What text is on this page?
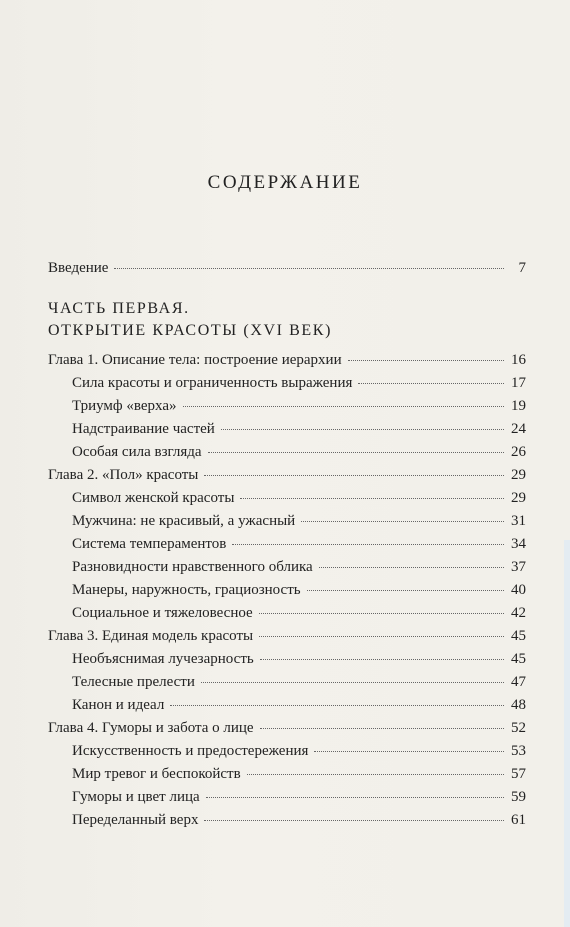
СОДЕРЖАНИЕ
Введение	7
ЧАСТЬ ПЕРВАЯ.
ОТКРЫТИЕ КРАСОТЫ (XVI ВЕК)
Глава 1. Описание тела: построение иерархии	16
Сила красоты и ограниченность выражения	17
Триумф «верха»	19
Надстраивание частей	24
Особая сила взгляда	26
Глава 2. «Пол» красоты	29
Символ женской красоты	29
Мужчина: не красивый, а ужасный	31
Система темпераментов	34
Разновидности нравственного облика	37
Манеры, наружность, грациозность	40
Социальное и тяжеловесное	42
Глава 3. Единая модель красоты	45
Необъяснимая лучезарность	45
Телесные прелести	47
Канон и идеал	48
Глава 4. Гуморы и забота о лице	52
Искусственность и предостережения	53
Мир тревог и беспокойств	57
Гуморы и цвет лица	59
Переделанный верх	61
